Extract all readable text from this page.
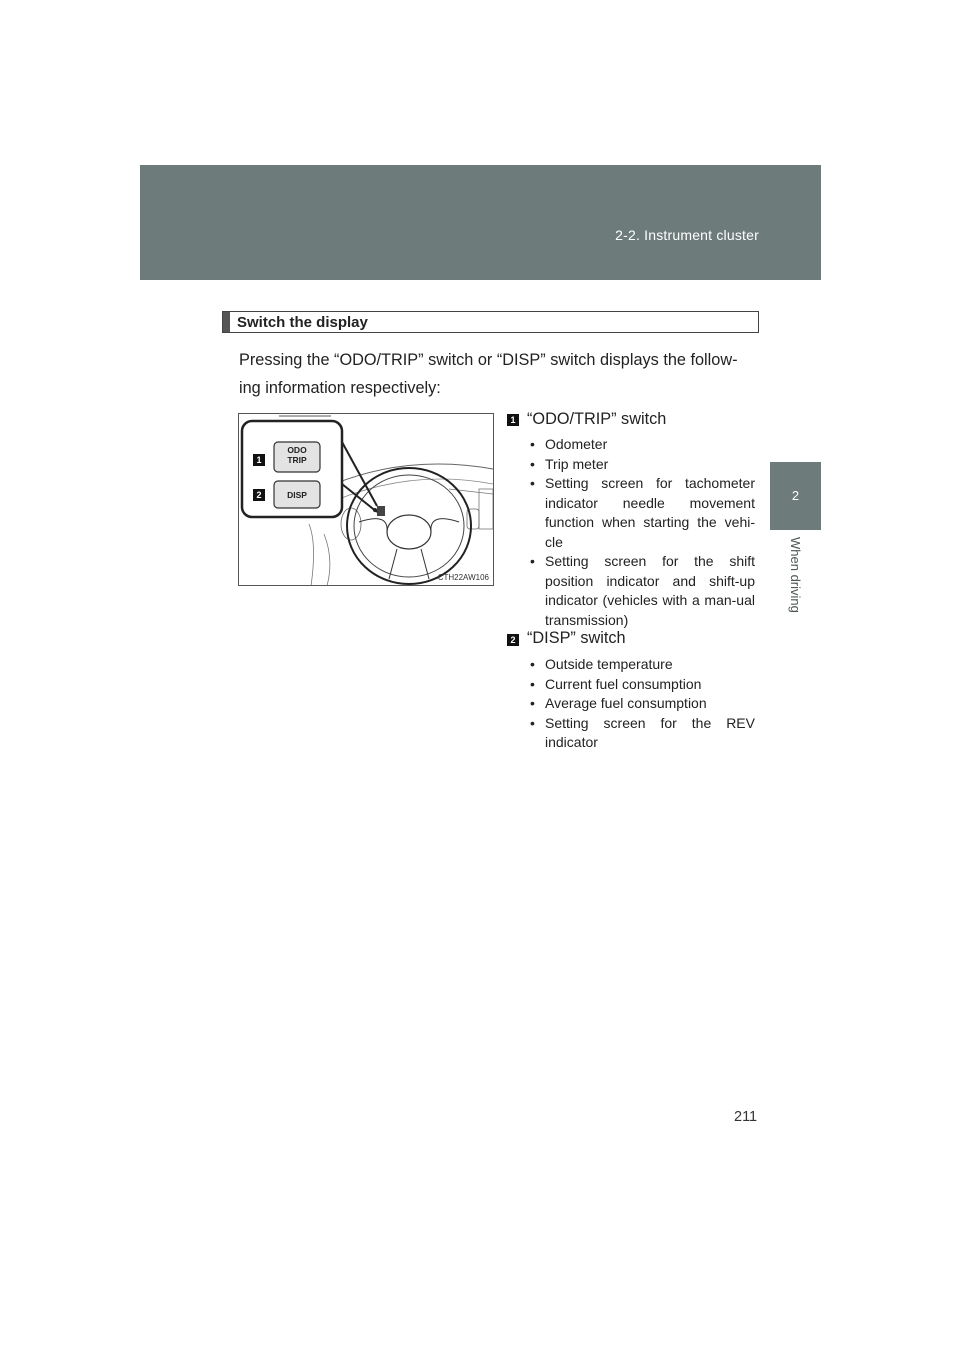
2-2. Instrument cluster
2
When driving
Switch the display
Pressing the “ODO/TRIP” switch or “DISP” switch displays the follow-ing information respectively:
1
2
ODO
TRIP
DISP
CTH22AW106
1 “ODO/TRIP” switch
• Odometer
• Trip meter
• Setting screen for tachometer indicator needle movement function when starting the vehi-cle
• Setting screen for the shift position indicator and shift-up indicator (vehicles with a man-ual transmission)
2 “DISP” switch
• Outside temperature
• Current fuel consumption
• Average fuel consumption
• Setting screen for the REV indicator
211
